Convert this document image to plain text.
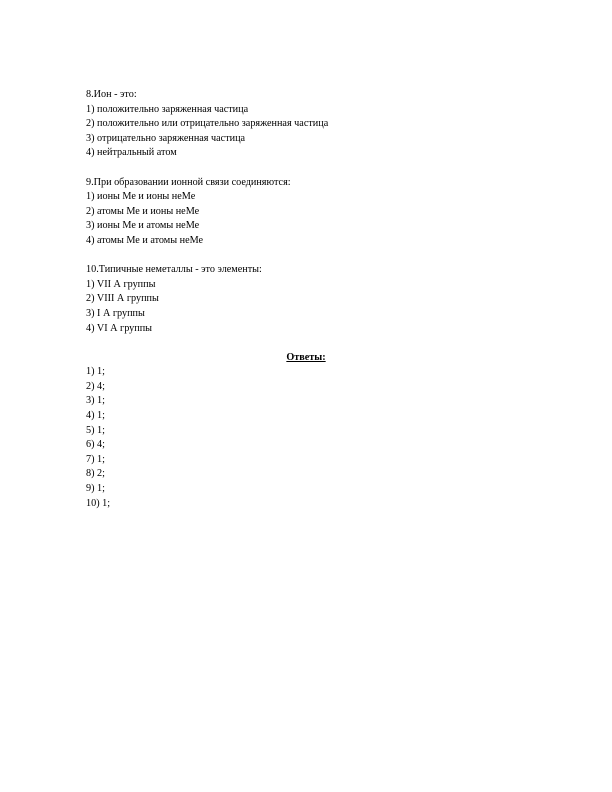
8.Ион - это:
1) положительно заряженная частица
2) положительно или отрицательно заряженная частица
3) отрицательно заряженная частица
4) нейтральный атом
9.При образовании ионной связи соединяются:
1) ионы Ме и ионы неМе
2) атомы Ме и ионы неМе
3) ионы Ме и атомы неМе
4) атомы Ме и атомы неМе
10.Типичные неметаллы - это элементы:
1) VII А группы
2) VIII А группы
3) I А группы
4) VI А группы
Ответы:
1) 1;
2) 4;
3) 1;
4) 1;
5) 1;
6) 4;
7) 1;
8) 2;
9) 1;
10) 1;
